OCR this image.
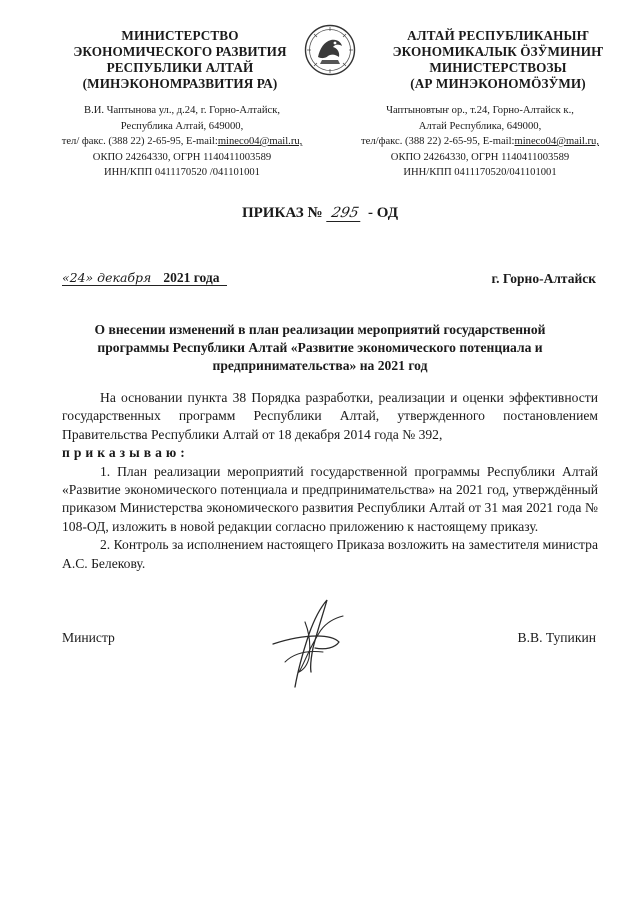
МИНИСТЕРСТВО
ЭКОНОМИЧЕСКОГО РАЗВИТИЯ
РЕСПУБЛИКИ АЛТАЙ
(МИНЭКОНОМРАЗВИТИЯ РА)
В.И. Чаптынова ул., д.24, г. Горно-Алтайск,
Республика Алтай, 649000,
тел/ факс. (388 22) 2-65-95, E-mail:mineco04@mail.ru,
ОКПО 24264330, ОГРН 1140411003589
ИНН/КПП 0411170520 /041101001
АЛТАЙ РЕСПУБЛИКАНЫҤ
ЭКОНОМИКАЛЫК ӦЗӰМИНИҤ
МИНИСТЕРСТВОЗЫ
(АР МИНЭКОНОМӦЗӰМИ)
Чаптыновтыҥ ор., т.24, Горно-Алтайск к.,
Алтай Республика, 649000,
тел/факс. (388 22) 2-65-95, E-mail:mineco04@mail.ru,
ОКПО 24264330, ОГРН 1140411003589
ИНН/КПП 0411170520/041101001
ПРИКАЗ № 295 - ОД
«24» декабря 2021 года	г. Горно-Алтайск
О внесении изменений в план реализации мероприятий государственной программы Республики Алтай «Развитие экономического потенциала и предпринимательства» на 2021 год

На основании пункта 38 Порядка разработки, реализации и оценки эффективности государственных программ Республики Алтай, утвержденного постановлением Правительства Республики Алтай от 18 декабря 2014 года № 392,

приказываю:

1. План реализации мероприятий государственной программы Республики Алтай «Развитие экономического потенциала и предпринимательства» на 2021 год, утверждённый приказом Министерства экономического развития Республики Алтай от 31 мая 2021 года № 108-ОД, изложить в новой редакции согласно приложению к настоящему приказу.

2. Контроль за исполнением настоящего Приказа возложить на заместителя министра А.С. Белекову.

Министр	В.В. Тупикин
